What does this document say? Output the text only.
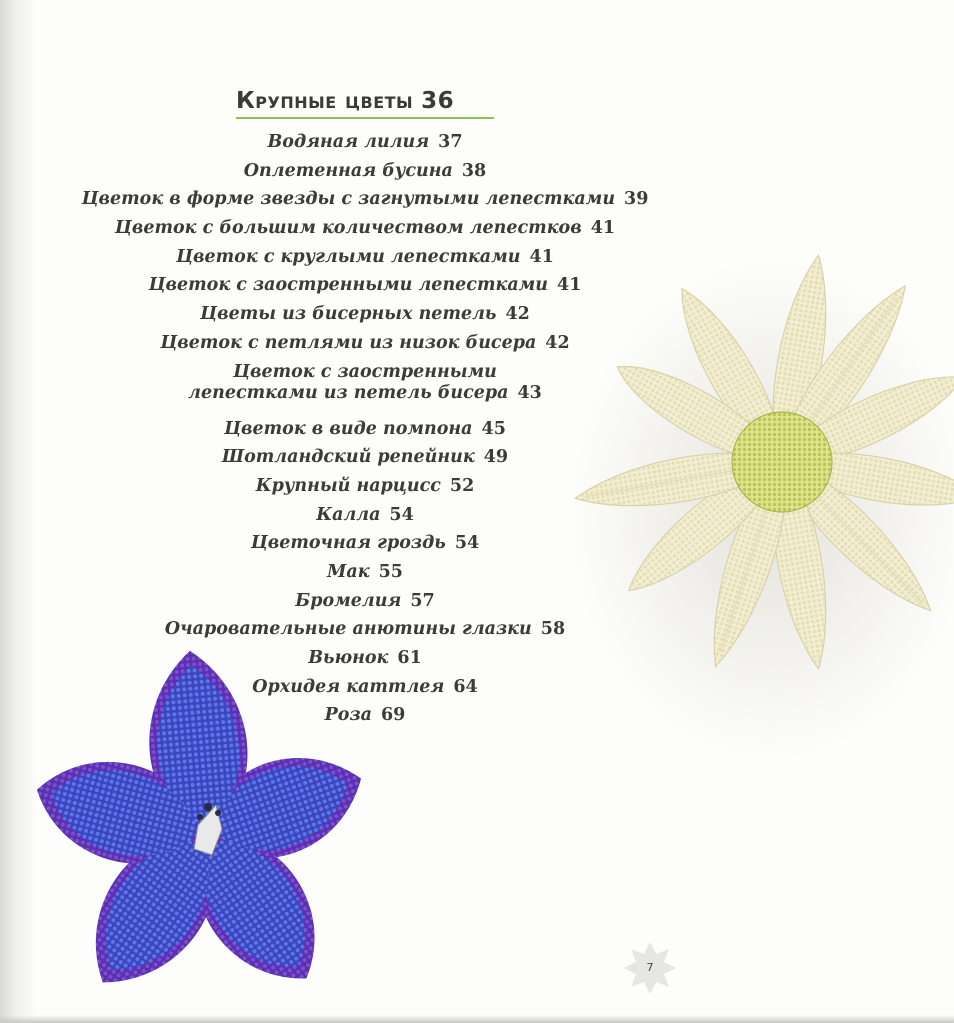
Крупные цветы 36
Водяная лилия 37
Оплетенная бусина 38
Цветок в форме звезды с загнутыми лепестками 39
Цветок с большим количеством лепестков 41
Цветок с круглыми лепестками 41
Цветок с заостренными лепестками 41
Цветы из бисерных петель 42
Цветок с петлями из низок бисера 42
Цветок с заостренными
лепестками из петель бисера 43
Цветок в виде помпона 45
Шотландский репейник 49
Крупный нарцисс 52
Калла 54
Цветочная гроздь 54
Мак 55
Бромелия 57
Очаровательные анютины глазки 58
Вьюнок 61
Орхидея каттлея 64
Роза 69
7
